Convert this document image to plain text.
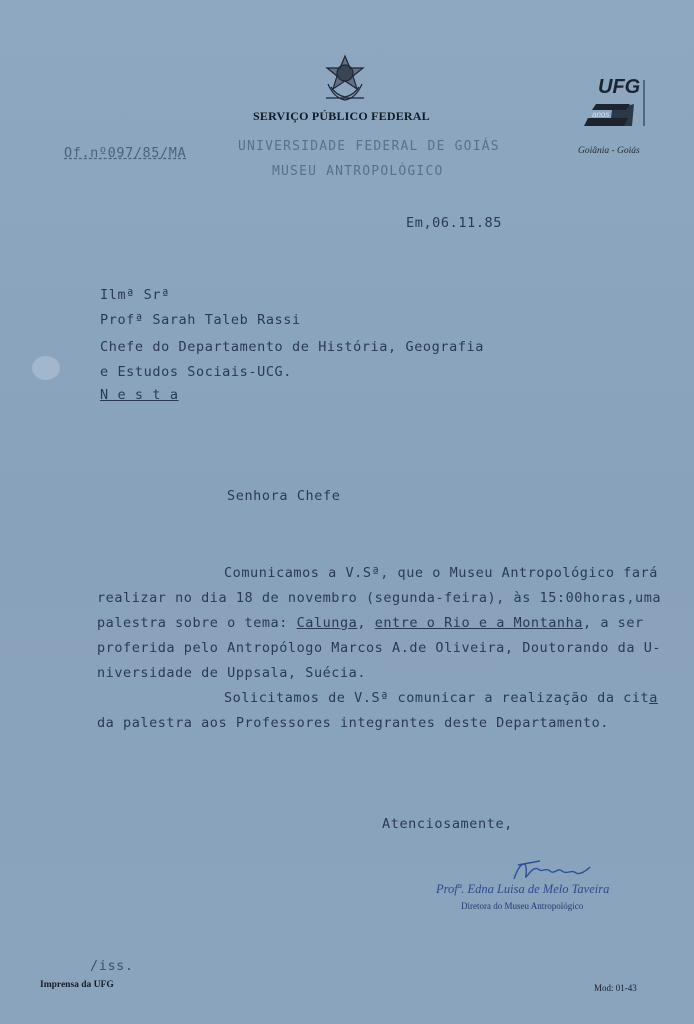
SERVIÇO PÚBLICO FEDERAL
UNIVERSIDADE FEDERAL DE GOIÁS
MUSEU ANTROPOLÓGICO
UFG
anos
Goiânia - Goiás
Of.nº097/85/MA
Em,06.11.85
Ilmª Srª
Profª Sarah Taleb Rassi
Chefe do Departamento de História, Geografia
e Estudos Sociais-UCG.
N e s t a
Senhora Chefe
Comunicamos a V.Sª, que o Museu Antropológico fará
realizar no dia 18 de novembro (segunda-feira), às 15:00horas,uma
palestra sobre o tema: Calunga, entre o Rio e a Montanha, a ser
proferida pelo Antropólogo Marcos A.de Oliveira, Doutorando da U-
niversidade de Uppsala, Suécia.
Solicitamos de V.Sª comunicar a realização da cita
da palestra aos Professores integrantes deste Departamento.
Atenciosamente,
Profª. Edna Luisa de Melo Taveira
Diretora do Museu Antropológico
/iss.
Imprensa da UFG	Mod: 01-43
